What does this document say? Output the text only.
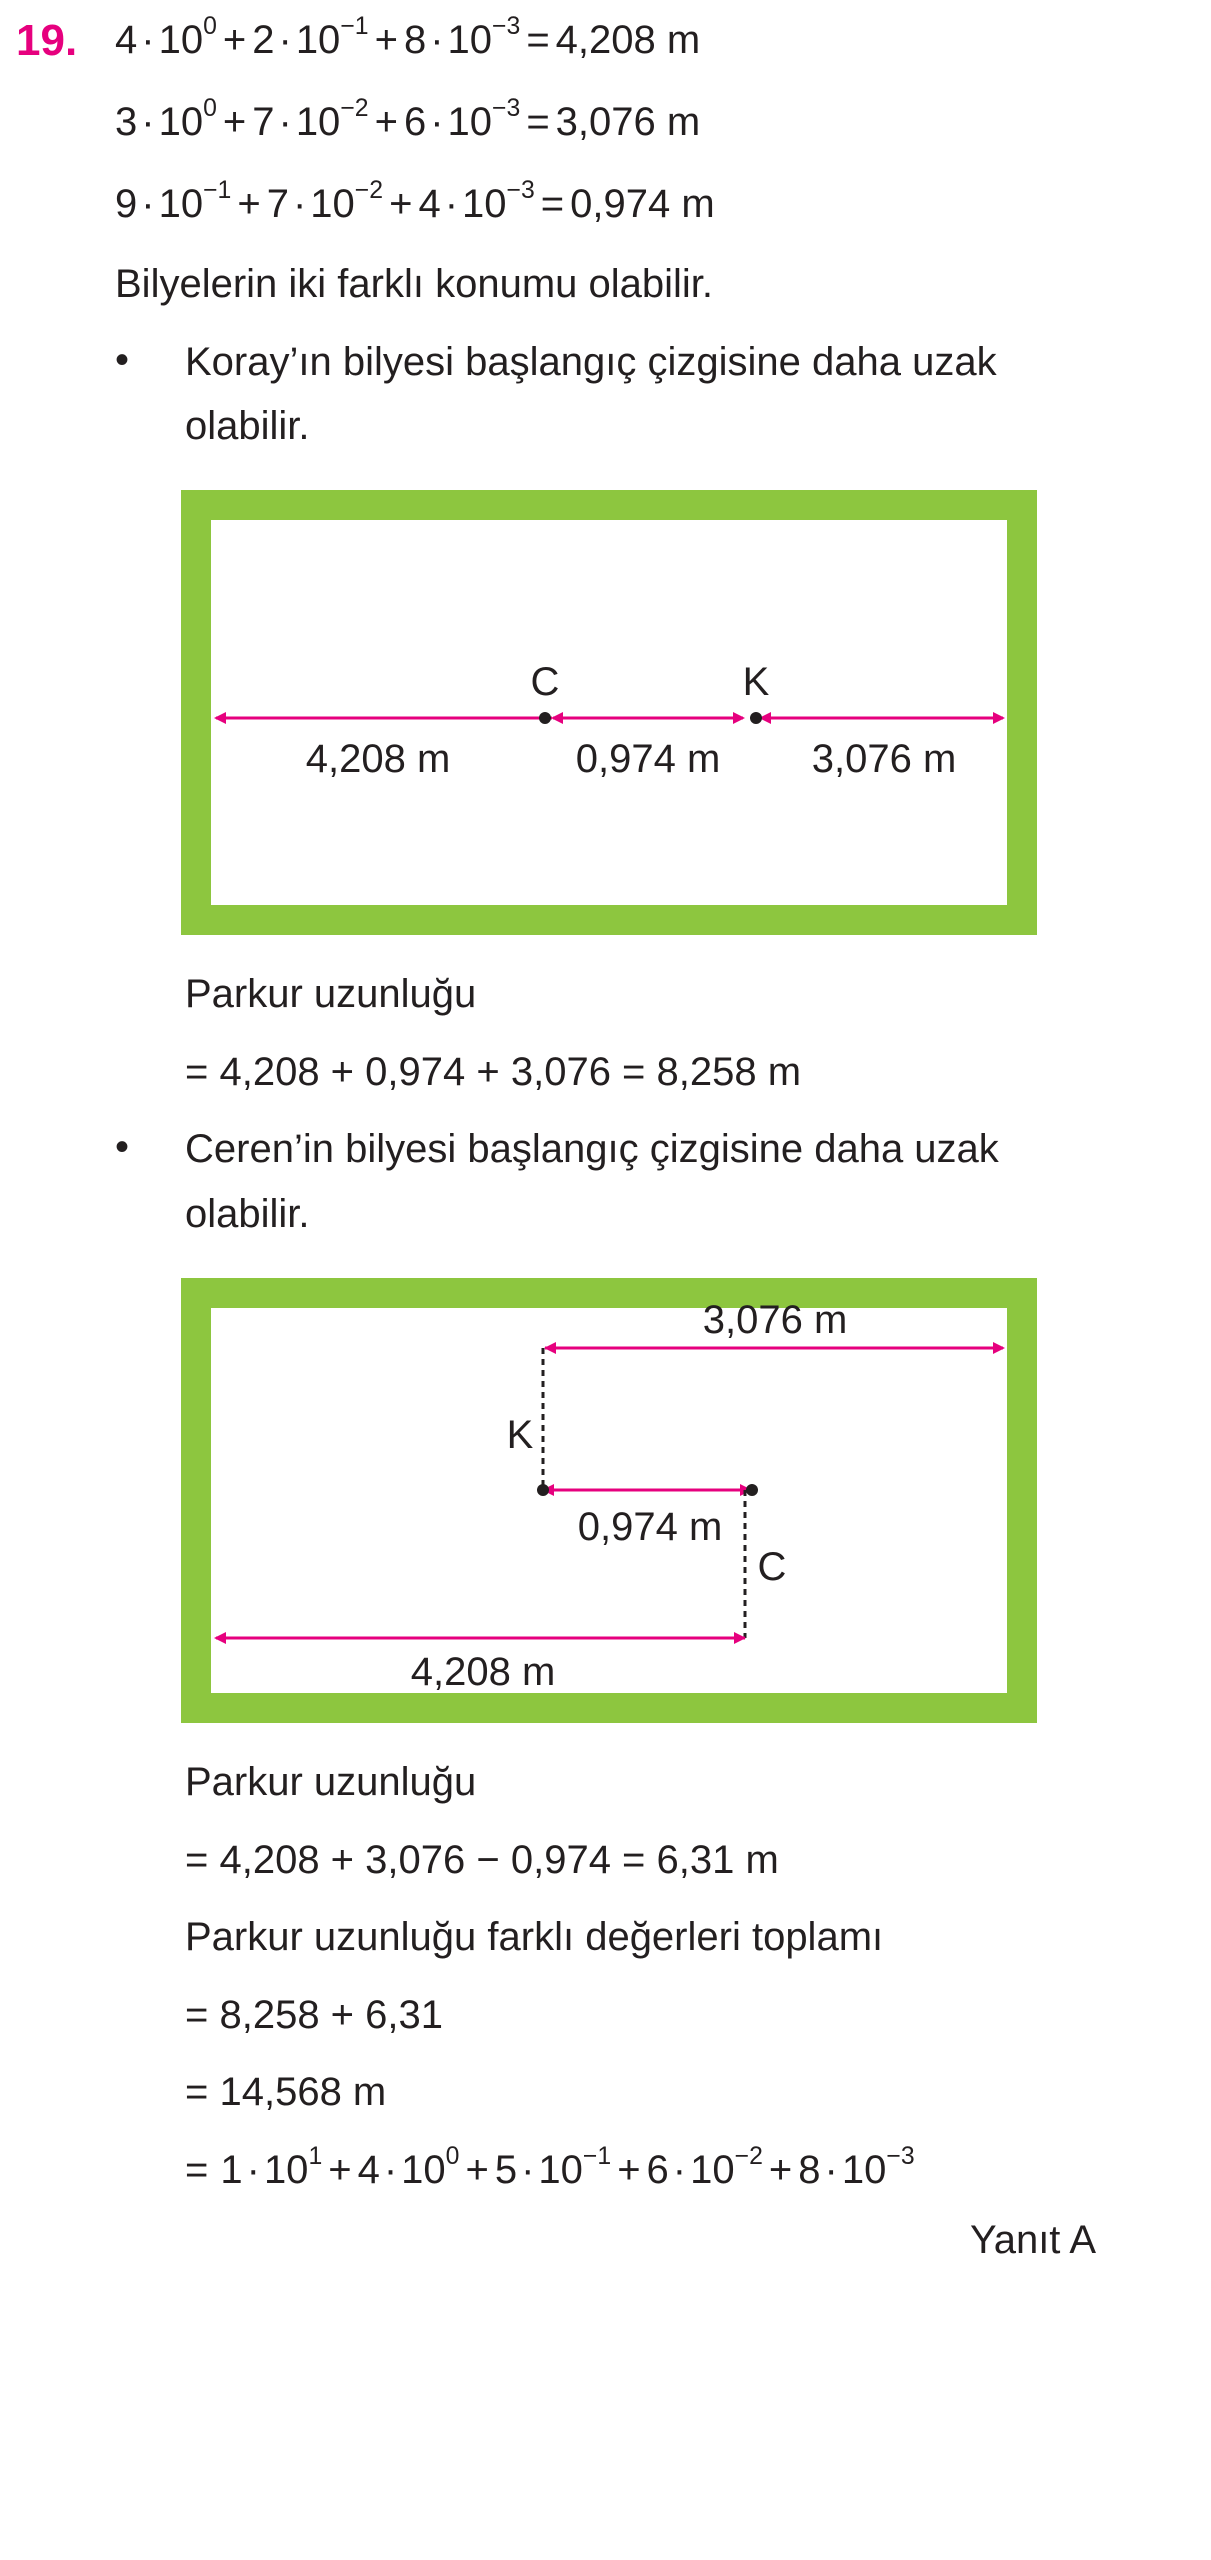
19. $4 \cdot 10^0 + 2 \cdot 10^{-1} + 8 \cdot 10^{-3} = 4,208$ m
$3 \cdot 10^0 + 7 \cdot 10^{-2} + 6 \cdot 10^{-3} = 3,076$ m
$9 \cdot 10^{-1} + 7 \cdot 10^{-2} + 4 \cdot 10^{-3} = 0,974$ m
Bilyelerin iki farklı konumu olabilir.
• Koray’ın bilyesi başlangıç çizgisine daha uzak
olabilir.
C	K
4,208 m	0,974 m 3,076 m
Parkur uzunluğu
= 4,208 + 0,974 + 3,076 = 8,258 m
• Ceren’in bilyesi başlangıç çizgisine daha uzak
olabilir.
3,076 m
K
0,974 m
C
4,208 m
Parkur uzunluğu
= 4,208 + 3,076 − 0,974 = 6,31 m
Parkur uzunluğu farklı değerleri toplamı
= 8,258 + 6,31
= 14,568 m
= $1 \cdot 10^1 + 4 \cdot 10^0 + 5 \cdot 10^{-1} + 6 \cdot 10^{-2} + 8 \cdot 10^{-3}$
Yanıt A
